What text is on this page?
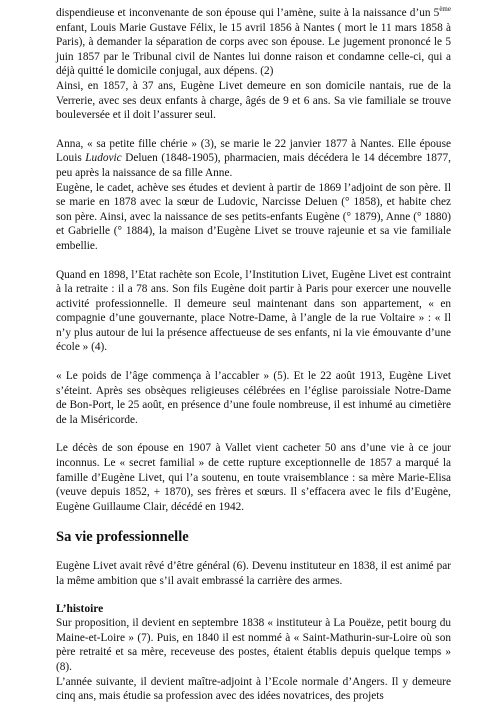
dispendieuse et inconvenante de son épouse qui l’amène, suite à la naissance d’un 5ème enfant, Louis Marie Gustave Félix, le 15 avril 1856 à Nantes ( mort le 11 mars 1858 à Paris), à demander la séparation de corps avec son épouse. Le jugement prononcé le 5 juin 1857 par le Tribunal civil de Nantes lui donne raison et condamne celle-ci, qui a déjà quitté le domicile conjugal, aux dépens. (2)

Ainsi, en 1857, à 37 ans, Eugène Livet demeure en son domicile nantais, rue de la Verrerie, avec ses deux enfants à charge, âgés de 9 et 6 ans. Sa vie familiale se trouve bouleversée et il doit l’assurer seul.

Anna, « sa petite fille chérie » (3), se marie le 22 janvier 1877 à Nantes. Elle épouse Louis Ludovic Deluen (1848-1905), pharmacien, mais décédera le 14 décembre 1877, peu après la naissance de sa fille Anne.

Eugène, le cadet, achève ses études et devient à partir de 1869 l’adjoint de son père. Il se marie en 1878 avec la sœur de Ludovic, Narcisse Deluen (° 1858), et habite chez son père. Ainsi, avec la naissance de ses petits-enfants Eugène (° 1879), Anne (° 1880) et Gabrielle (° 1884), la maison d’Eugène Livet se trouve rajeunie et sa vie familiale embellie.

Quand en 1898, l’Etat rachète son Ecole, l’Institution Livet, Eugène Livet est contraint à la retraite : il a 78 ans. Son fils Eugène doit partir à Paris pour exercer une nouvelle activité professionnelle. Il demeure seul maintenant dans son appartement, « en compagnie d’une gouvernante, place Notre-Dame, à l’angle de la rue Voltaire » : « Il n’y plus autour de lui la présence affectueuse de ses enfants, ni la vie émouvante d’une école » (4).

« Le poids de l’âge commença à l’accabler » (5). Et le 22 août 1913, Eugène Livet s’éteint. Après ses obsèques religieuses célébrées en l’église paroissiale Notre-Dame de Bon-Port, le 25 août, en présence d’une foule nombreuse, il est inhumé au cimetière de la Miséricorde.

Le décès de son épouse en 1907 à Vallet vient cacheter 50 ans d’une vie à ce jour inconnus. Le « secret familial » de cette rupture exceptionnelle de 1857 a marqué la famille d’Eugène Livet, qui l’a soutenu, en toute vraisemblance : sa mère Marie-Elisa (veuve depuis 1852, + 1870), ses frères et sœurs. Il s’effacera avec le fils d’Eugène, Eugène Guillaume Clair, décédé en 1942.

Sa vie professionnelle

Eugène Livet avait rêvé d’être général (6). Devenu instituteur en 1838, il est animé par la même ambition que s’il avait embrassé la carrière des armes.

L’histoire

Sur proposition, il devient en septembre 1838 « instituteur à La Pouëze, petit bourg du Maine-et-Loire » (7). Puis, en 1840 il est nommé à « Saint-Mathurin-sur-Loire où son père retraité et sa mère, receveuse des postes, étaient établis depuis quelque temps » (8).

L’année suivante, il devient maître-adjoint à l’Ecole normale d’Angers. Il y demeure cinq ans, mais étudie sa profession avec des idées novatrices, des projets
